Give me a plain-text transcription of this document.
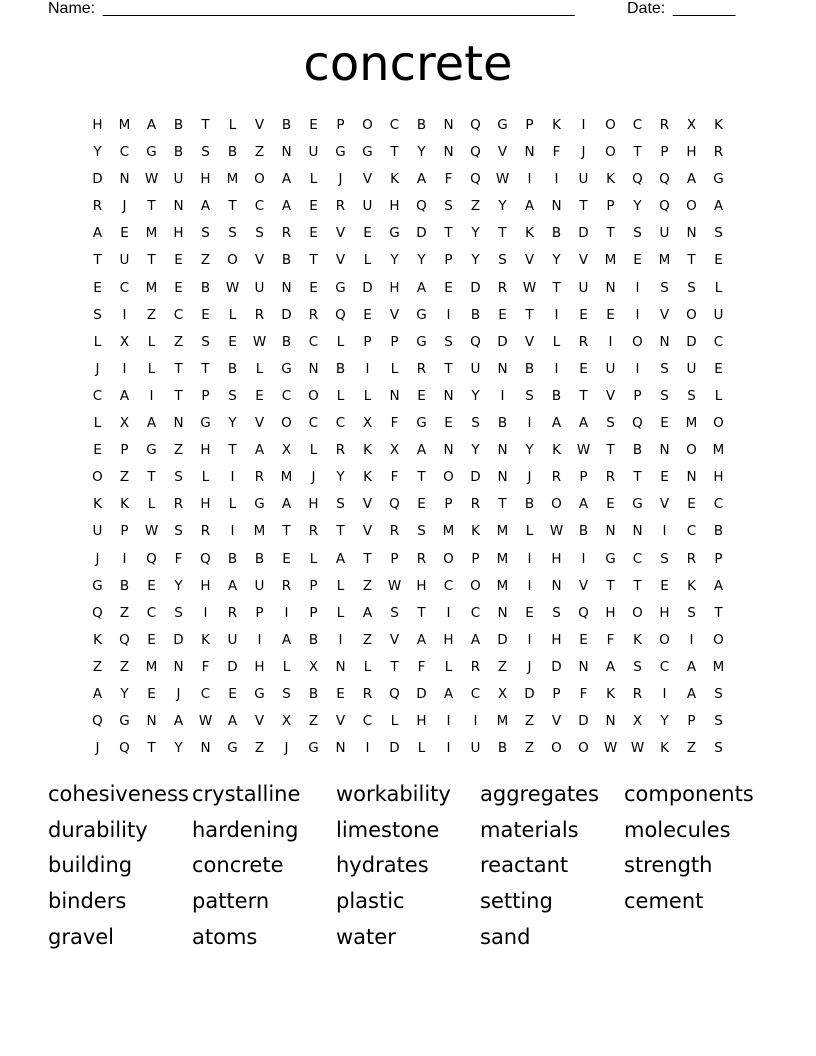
Name: _____________________________________________________	Date: _______
concrete
H	M	A	B	T	L	V	B	E	P	O	C	B	N	Q	G	P	K	I	O	C	R	X	K
Y	C	G	B	S	B	Z	N	U	G	G	T	Y	N	Q	V	N	F	J	O	T	P	H	R
D	N	W	U	H	M	O	A	L	J	V	K	A	F	Q	W	I	I	U	K	Q	Q	A	G
R	J	T	N	A	T	C	A	E	R	U	H	Q	S	Z	Y	A	N	T	P	Y	Q	O	A
A	E	M	H	S	S	S	R	E	V	E	G	D	T	Y	T	K	B	D	T	S	U	N	S
T	U	T	E	Z	O	V	B	T	V	L	Y	Y	P	Y	S	V	Y	V	M	E	M	T	E
E	C	M	E	B	W	U	N	E	G	D	H	A	E	D	R	W	T	U	N	I	S	S	L
S	I	Z	C	E	L	R	D	R	Q	E	V	G	I	B	E	T	I	E	E	I	V	O	U
L	X	L	Z	S	E	W	B	C	L	P	P	G	S	Q	D	V	L	R	I	O	N	D	C
J	I	L	T	T	B	L	G	N	B	I	L	R	T	U	N	B	I	E	U	I	S	U	E
C	A	I	T	P	S	E	C	O	L	L	N	E	N	Y	I	S	B	T	V	P	S	S	L
L	X	A	N	G	Y	V	O	C	C	X	F	G	E	S	B	I	A	A	S	Q	E	M	O
E	P	G	Z	H	T	A	X	L	R	K	X	A	N	Y	N	Y	K	W	T	B	N	O	M
O	Z	T	S	L	I	R	M	J	Y	K	F	T	O	D	N	J	R	P	R	T	E	N	H
K	K	L	R	H	L	G	A	H	S	V	Q	E	P	R	T	B	O	A	E	G	V	E	C
U	P	W	S	R	I	M	T	R	T	V	R	S	M	K	M	L	W	B	N	N	I	C	B
J	I	Q	F	Q	B	B	E	L	A	T	P	R	O	P	M	I	H	I	G	C	S	R	P
G	B	E	Y	H	A	U	R	P	L	Z	W	H	C	O	M	I	N	V	T	T	E	K	A
Q	Z	C	S	I	R	P	I	P	L	A	S	T	I	C	N	E	S	Q	H	O	H	S	T
K	Q	E	D	K	U	I	A	B	I	Z	V	A	H	A	D	I	H	E	F	K	O	I	O
Z	Z	M	N	F	D	H	L	X	N	L	T	F	L	R	Z	J	D	N	A	S	C	A	M
A	Y	E	J	C	E	G	S	B	E	R	Q	D	A	C	X	D	P	F	K	R	I	A	S
Q	G	N	A	W	A	V	X	Z	V	C	L	H	I	I	M	Z	V	D	N	X	Y	P	S
J	Q	T	Y	N	G	Z	J	G	N	I	D	L	I	U	B	Z	O	O	W	W	K	Z	S
cohesiveness crystalline	workability	aggregates	components
durability	hardening	limestone	materials	molecules
building	concrete	hydrates	reactant	strength
binders	pattern	plastic	setting	cement
gravel	atoms	water	sand
